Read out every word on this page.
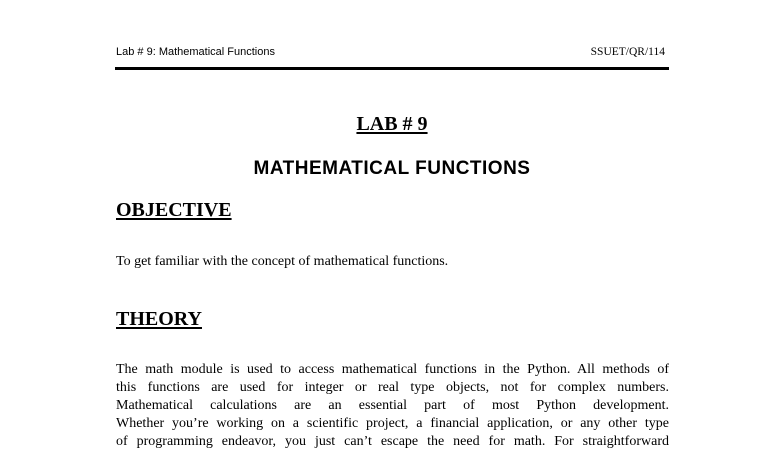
Lab # 9: Mathematical Functions	SSUET/QR/114
LAB # 9
MATHEMATICAL FUNCTIONS
OBJECTIVE
To get familiar with the concept of mathematical functions.
THEORY
The math module is used to access mathematical functions in the Python. All methods of
this functions are used for integer or real type objects, not for complex numbers.
Mathematical calculations are an essential part of most Python development.
Whether you’re working on a scientific project, a financial application, or any other type
of programming endeavor, you just can’t escape the need for math. For straightforward
